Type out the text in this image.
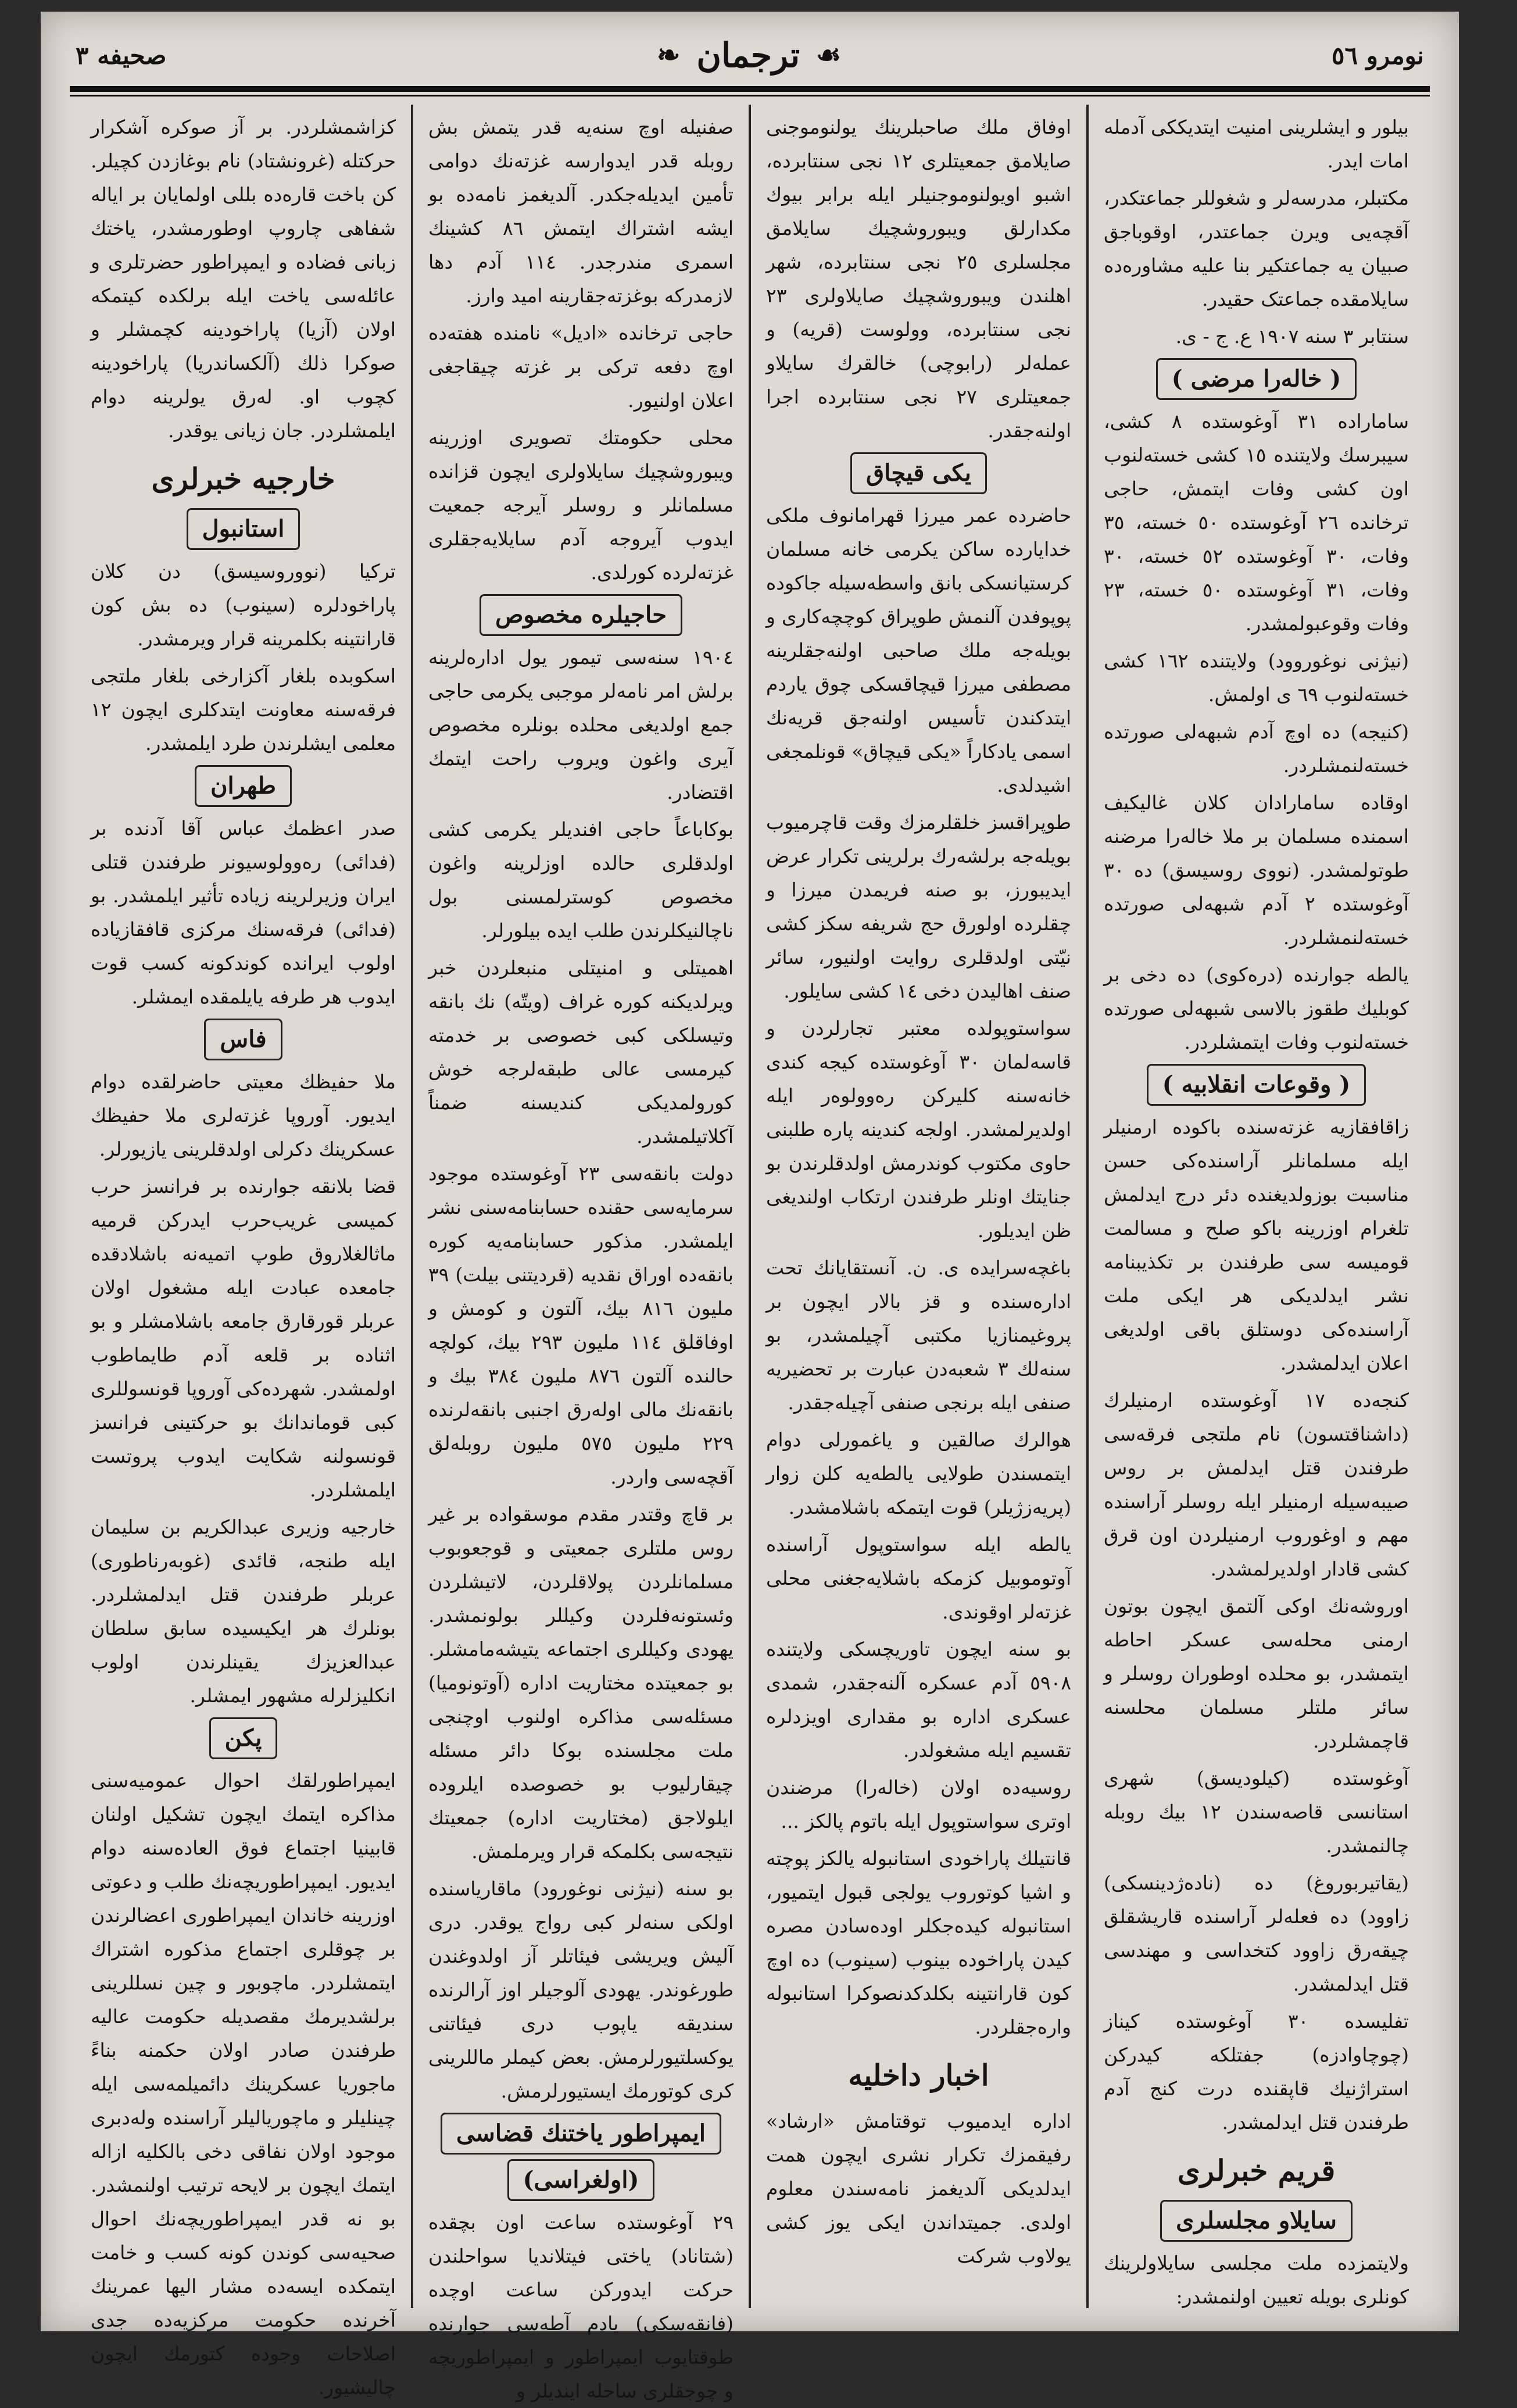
نومرو ٥٦
☙
ترجمان
❧
صحیفه ٣

بیلور و ایشلرینی امنیت ایتدیککی آدمله امات ایدر.

مکتبلر، مدرسه‌لر و شغوللر جماعتکدر، آقچه‌یی ویرن جماعتدر، اوقوباجق صبیان یه جماعتکیر بنا علیه مشاوره‌ده سایلامقده جماعتک حقیدر.

سنتابر ٣ سنه ١٩٠٧ ع. ج - ی.

( خالەرا مرضی )

ساماراده ٣١ آوغوستده ٨ کشی، سیبرسك ولایتنده ١٥ کشی خسته‌لنوب اون کشی وفات ایتمش، حاجی ترخانده ٢٦ آوغوستده ٥٠ خسته، ٣٥ وفات، ٣٠ آوغوستده ٥٢ خسته، ٣٠ وفات، ٣١ آوغوستده ٥٠ خسته، ٢٣ وفات وقوعبولمشدر.

(نیژنی نوغوروود) ولایتنده ١٦٢ کشی خسته‌لنوب ٦٩ ی اولمش.

(کنیجه) ده اوچ آدم شبهه‌لی صورتده خسته‌لنمشلردر.

اوقاده سامارادان کلان غالیکیف اسمنده مسلمان بر ملا خالەرا مرضنه طوتولمشدر. (نووی روسیسق) ده ٣٠ آوغوستده ٢ آدم شبهه‌لی صورتده خسته‌لنمشلردر.

یالطه جوارنده (درەکوی) ده دخی بر کوبلیك طقوز بالاسی شبهه‌لی صورتده خسته‌لنوب وفات ایتمشلردر.

( وقوعات انقلابیه )

زاقافقازیه غزته‌سنده باکوده ارمنیلر ایله مسلمانلر آراسنده‌کی حسن مناسبت بوزولدیغنده دئر درج ایدلمش تلغرام اوزرینه باکو صلح و مسالمت قومیسه سی طرفندن بر تکذیبنامه نشر ایدلدیکی هر ایکی ملت آراسنده‌کی دوستلق باقی اولدیغی اعلان ایدلمشدر.

کنجه‌ده ١٧ آوغوستده ارمنیلرك (داشناقتسون) نام ملتجی فرقه‌سی طرفندن قتل ایدلمش بر روس صیبه‌سیله ارمنیلر ایله روسلر آراسنده مهم و اوغوروب ارمنیلردن اون قرق کشی قادار اولدیرلمشدر.

اوروشه‌نك اوکی آلتمق ایچون بوتون ارمنی محله‌سی عسکر احاطه ایتمشدر، بو محلده اوطوران روسلر و سائر ملتلر مسلمان محلسنه قاچمشلردر.

آوغوستده (کیلودیسق) شهری استانسی قاصه‌سندن ١٢ بیك روبله چالنمشدر.

(یقاتیربوروغ) ده (نادەژدینسکی) زاوود) ده فعله‌لر آراسنده قاریشقلق چیقه‌رق زاوود کتخداسی و مهندسی قتل ایدلمشدر.

تفلیسده ٣٠ آوغوستده کیناز (چوچاوادزه) جفتلکه کیدرکن استراژنیك قاپقنده درت کنج آدم طرفندن قتل ایدلمشدر.

قریم خبرلری
سایلاو مجلسلری

ولایتمزده ملت مجلسی سایلاولرینك کونلری بویله تعیین اولنمشدر:

اوفاق ملك صاحبلرینك یولنوموجنی صایلامق جمعیتلری ١٢ نجی سنتابرده، اشبو اویولنوموجنیلر ایله برابر بیوك مکدارلق ویبوروشچیك سایلامق مجلسلری ٢٥ نجی سنتابرده، شهر اهلندن ویبوروشچیك صایلاولری ٢٣ نجی سنتابرده، وولوست (قریه) و عمله‌لر (رابوچی) خالقرك سایلاو جمعیتلری ٢٧ نجی سنتابرده اجرا اولنه‌جقدر.

یکی قیچاق

حاضرده عمر میرزا قهرامانوف ملکی خدایارده ساکن یکرمی خانه مسلمان کرستیانسکی بانق واسطه‌سیله جاکوده پوپوفدن آلنمش طوپراق کوچچه‌کاری و بویله‌جه ملك صاحبی اولنه‌جقلرینه مصطفی میرزا قیچاقسکی چوق یاردم ایتدکندن تأسیس اولنه‌جق قریه‌نك اسمی یادکاراً «یکی قیچاق» قونلمجغی اشیدلدی.

طوپراقسز خلقلرمزك وقت قاچرمیوب بویله‌جه برلشه‌رك برلرینی تکرار عرض ایدیبورز، بو صنه فریمدن میرزا و چقلرده اولورق حج شریفه سکز کشی نیّتی اولدقلری روایت اولنیور، سائر صنف اهالیدن دخی ١٤ کشی سایلور.

سواستوپولده معتبر تجارلردن و قاسه‌لمان ٣٠ آوغوستده کیجه کندی خانه‌سنه کلیرکن ره‌وولوەر ایله اولدیرلمشدر. اولجه کندینه پاره طلبنی حاوی مکتوب کوندرمش اولدقلرندن بو جنایتك اونلر طرفندن ارتکاب اولندیغی ظن ایدیلور.

باغچه‌سرایده ی. ن. آنستقایانك تحت اداره‌سنده و قز بالار ایچون بر پروغیمنازیا مکتبی آچیلمشدر، بو سنه‌لك ٣ شعبه‌دن عبارت بر تحضیریه صنفی ایله برنجی صنفی آچیله‌جقدر.

هوالرك صالقین و یاغمورلی دوام ایتمسندن طولایی یالطه‌یه کلن زوار (پریه‌زژیلر) قوت ایتمکه باشلامشدر.

یالطه ایله سواستوپول آراسنده آوتوموبیل کزمکه باشلایه‌جغنی محلی غزته‌لر اوقوندی.

بو سنه ایچون تاوریچسکی ولایتنده ٥٩٠٨ آدم عسکره آلنه‌جقدر، شمدی عسکری اداره بو مقداری اویزدلره تقسیم ایله مشغولدر.

روسیه‌ده اولان (خالەرا) مرضندن اوتری سواستوپول ایله باتوم پالکز ...

قانتیلك پاراخودی استانبوله یالکز پوچته و اشیا کوتوروب یولجی قبول ایتمیور، استانبوله کیده‌جکلر اودەسادن مصره کیدن پاراخوده بینوب (سینوب) ده اوچ کون قارانتینه بکلدکدنصوکرا استانبوله وارەجقلردر.

اخبار داخلیه

اداره ایدمیوب توقتامش «ارشاد» رفیقمزك تکرار نشری ایچون همت ایدلدیکی آلدیغمز نامه‌سندن معلوم اولدی. جمیتداندن ایکی یوز کشی یولاوب شرکت

صفنیله اوچ سنه‌یه قدر یتمش بش روبله قدر ایدوارسه غزته‌نك دوامی تأمین ایدیله‌جکدر. آلدیغمز نامه‌ده بو ایشه اشتراك ایتمش ٨٦ کشینك اسمری مندرجدر. ١١٤ آدم دها لازمدرکه بوغزته‌جقارینه امید وارز.

حاجی ترخانده «ادیل» نامنده هفته‌ده اوچ دفعه ترکی بر غزته چیقاجغی اعلان اولنیور.

محلی حکومتك تصویری اوزرینه ویبوروشچیك سایلاولری ایچون قزانده مسلمانلر و روسلر آیرجه جمعیت ایدوب آیروجه آدم سایلایه‌جقلری غزته‌لرده کورلدی.

حاجیلره مخصوص

١٩٠٤ سنه‌سی تیمور یول اداره‌لرینه برلش امر نامه‌لر موجبی یکرمی حاجی جمع اولدیغی محلده بونلره مخصوص آیری واغون ویروب راحت ایتمك اقتضادر.

بوکاباعاً حاجی افندیلر یکرمی کشی اولدقلری حالده اوزلرینه واغون مخصوص کوسترلمسنی بول ناچالنیکلرندن طلب ایده بیلورلر.

اهمیتلی و امنیتلی منبعلردن خبر ویرلدیکنه کوره غراف (ویتّه) نك بانقه وتیسلکی کبی خصوصی بر خدمته کیرمسی عالی طبقه‌لرجه خوش کورولمدیکی کندیسنه ضمناً آکلاتیلمشدر.

دولت بانقه‌سی ٢٣ آوغوستده موجود سرمایه‌سی حقنده حسابنامه‌سنی نشر ایلمشدر. مذکور حسابنامه‌یه کوره بانقه‌ده اوراق نقدیه (قردیتنی بیلت) ٣٩ ملیون ٨١٦ بیك، آلتون و کومش و اوفاقلق ١١٤ ملیون ٢٩٣ بیك، کولچه حالنده آلتون ٨٧٦ ملیون ٣٨٤ بیك و بانقه‌نك مالی اولەرق اجنبی بانقه‌لرنده ٢٢٩ ملیون ٥٧٥ ملیون روبله‌لق آقچه‌سی واردر.

بر قاچ وقتدر مقدم موسقواده بر غیر روس ملتلری جمعیتی و قوجعوبوب مسلمانلردن پولاقلردن، لاتیشلردن وئستونه‌فلردن وکیللر بولونمشدر. یهودی وکیللری اجتماعه یتیشه‌مامشلر. بو جمعیتده مختاریت اداره (آوتونومیا) مسئله‌سی مذاکره اولنوب اوچنجی ملت مجلسنده بوکا دائر مسئله چیقارلیوب بو خصوصده ایلروده ایلولاجق (مختاریت اداره) جمعیتك نتیجه‌سی بکلمکه قرار ویرملمش.

بو سنه (نیژنی نوغورود) ماقاریاسنده اولکی سنه‌لر کبی رواج یوقدر. دری آلیش ویریشی فیئاتلر آز اولدوغندن طورغوندر. یهودی آلوجیلر اوز آرالرنده سندیقه یاپوب دری فیئاتنی یوکسلتیورلرمش. بعض کیملر ماللرینی کری کوتورمك ایستیورلرمش.

ایمپراطور یاختنك قضاسی
(اولغراسی)

٢٩ آوغوستده ساعت اون بچقده (شتاناد) یاختی فیتلاندیا سواحلندن حرکت ایدورکن ساعت اوچده (فانقه‌سکی) یادم آطه‌سی جوارنده طوقتایوب ایمپراطور و ایمپراطوریچه و چوجقلری ساحله ایندیلر و

کزاشمشلردر. بر آز صوکره آشکرار حرکتله (غرونشتاد) نام بوغازدن کچیلر. کن باخت قارەده بللی اولمایان بر ایاله شفاهی چاروپ اوطورمشدر، یاختك زبانی فضاده و ایمپراطور حضرتلری و عائله‌سی یاخت ایله برلکده کیتمکه اولان (آزیا) پاراخودینه کچمشلر و صوکرا ذلك (آلکساندریا) پاراخودینه کچوب او. لەرق یولرینه دوام ایلمشلردر. جان زیانی یوقدر.

خارجیه خبرلری
استانبول

ترکیا (نووروسیسق) دن کلان پاراخودلره (سینوب) ده بش کون قارانتینه بکلمرینه قرار ویرمشدر.

اسکوبده بلغار آکزارخی بلغار ملتجی فرقه‌سنه معاونت ایتدکلری ایچون ١٢ معلمی ایشلرندن طرد ایلمشدر.

طهران

صدر اعظمك عباس آقا آدنده بر (فدائی) ره‌وولوسیونر طرفندن قتلی ایران وزیرلرینه زیاده تأثیر ایلمشدر. بو (فدائی) فرقه‌سنك مرکزی قافقازیاده اولوب ایرانده کوندکونه کسب قوت ایدوب هر طرفه یایلمقده ایمشلر.

فاس

ملا حفیظك معیتی حاضرلقده دوام ایدیور. آوروپا غزته‌لری ملا حفیظك عسکرینك دکرلی اولدقلرینی یازیورلر.

قضا بلانقه جوارنده بر فرانسز حرب کمیسی غریب‌حرب ایدرکن قرمیه ماثالغلاروق طوپ اتمیه‌نه باشلادقده جامعده عبادت ایله مشغول اولان عربلر قورقارق جامعه باشلامشلر و بو اثناده بر قلعه آدم طایماطوب اولمشدر. شهرده‌کی آوروپا قونسوللری کبی قوماندانك بو حرکتینی فرانسز قونسولنه شکایت ایدوب پروتست ایلمشلردر.

خارجیه وزیری عبدالکریم بن سلیمان ایله طنجه، قائدی (غوبەرناطوری) عربلر طرفندن قتل ایدلمشلردر. بونلرك هر ایکیسیده سابق سلطان عبدالعزیزك یقینلرندن اولوب انکلیزلرله مشهور ایمشلر.

پکن

ایمپراطورلقك احوال عمومیه‌سنی مذاکره ایتمك ایچون تشکیل اولنان قابینیا اجتماع فوق العاده‌سنه دوام ایدیور. ایمپراطوریچه‌نك طلب و دعوتی اوزرینه خاندان ایمپراطوری اعضالرندن بر چوقلری اجتماع مذکوره اشتراك ایتمشلردر. ماچوبور و چین نسللرینی برلشدیرمك مقصدیله حکومت عالیه طرفندن صادر اولان حکمنه بناءً ماجوریا عسکرینك دائمیلمه‌سی ایله چینلیلر و ماچوریالیلر آراسنده ولەدبری موجود اولان نفاقی دخی بالکلیه ازاله ایتمك ایچون بر لایحه ترتیب اولنمشدر. بو نه قدر ایمپراطوریچه‌نك احوال صحیه‌سی کوندن کونه کسب و خامت ایتمکده ایسه‌ده مشار الیها عمرینك آخرنده حکومت مرکزیه‌ده جدی اصلاحات وجوده کتورمك ایچون چالیشیور.
